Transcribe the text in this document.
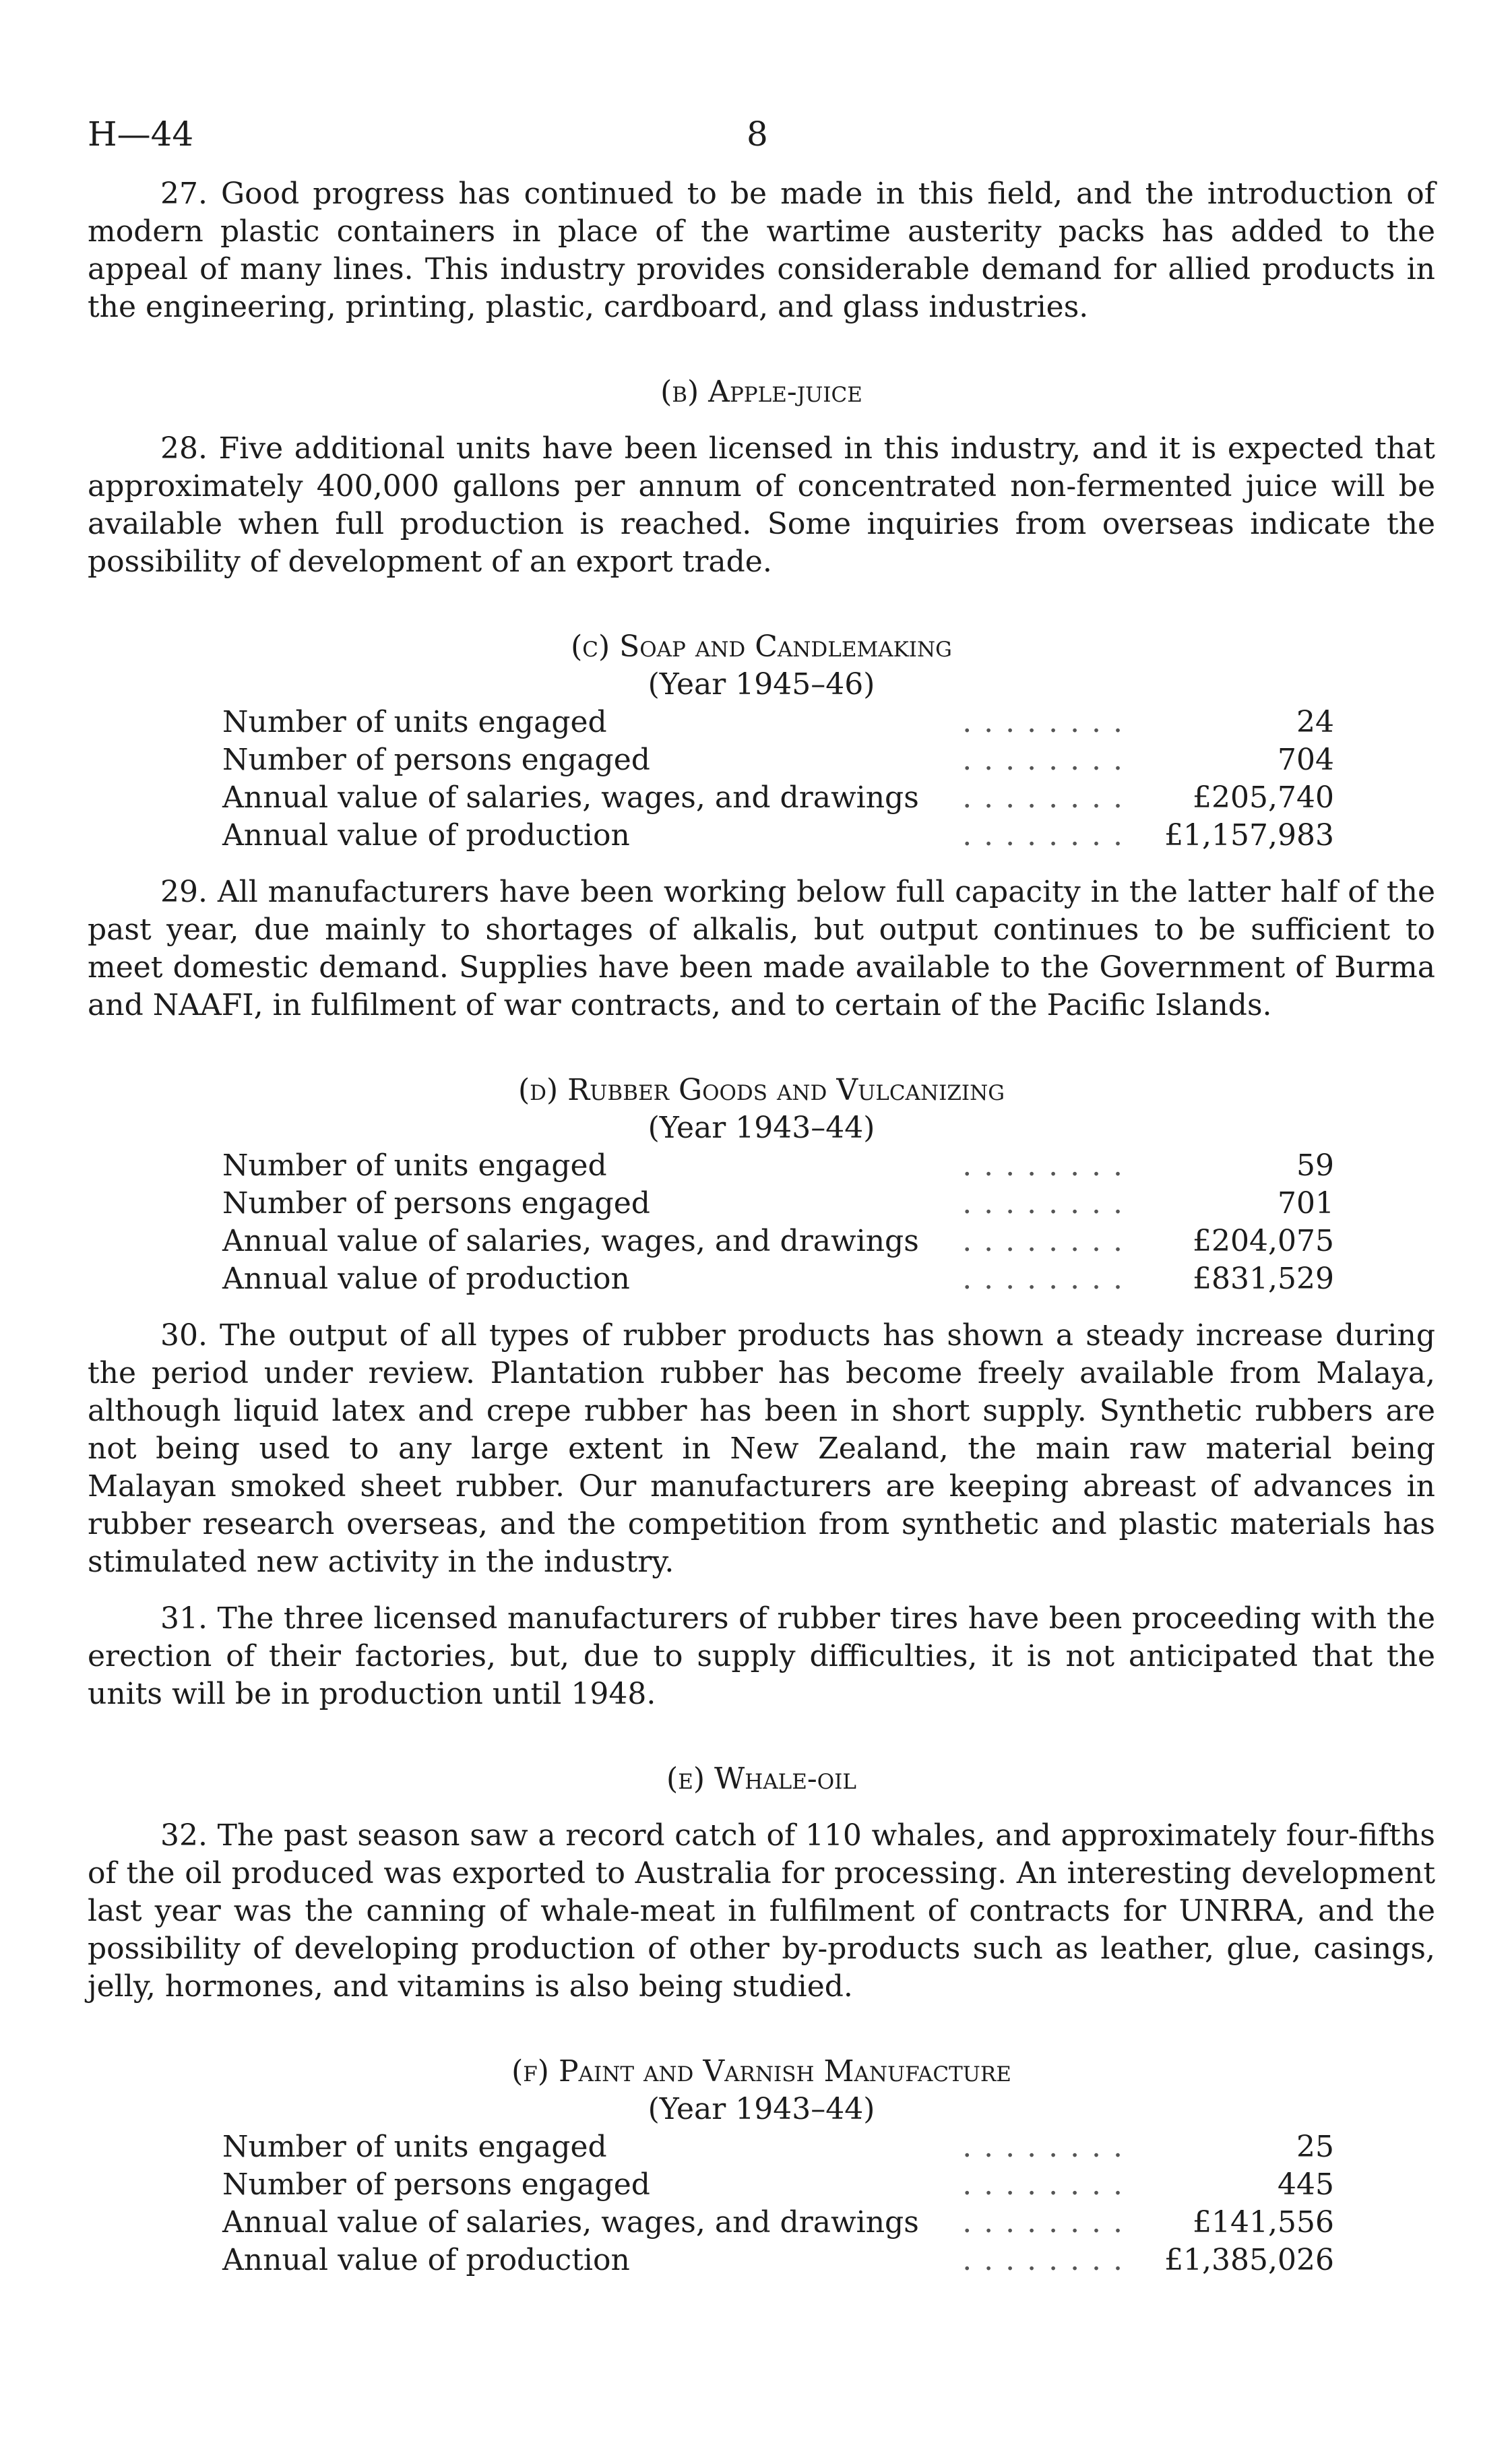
H—44	8

27. Good progress has continued to be made in this field, and the introduction of modern plastic containers in place of the wartime austerity packs has added to the appeal of many lines. This industry provides considerable demand for allied products in the engineering, printing, plastic, cardboard, and glass industries.

(b) Apple-juice

28. Five additional units have been licensed in this industry, and it is expected that approximately 400,000 gallons per annum of concentrated non-fermented juice will be available when full production is reached. Some inquiries from overseas indicate the possibility of development of an export trade.

(c) Soap and Candlemaking

(Year 1945–46)

Number of units engaged	. . . . . . . .	24
Number of persons engaged	. . . . . . . .	704
Annual value of salaries, wages, and drawings	. . . . . . . .	£205,740
Annual value of production	. . . . . . . .	£1,157,983

29. All manufacturers have been working below full capacity in the latter half of the past year, due mainly to shortages of alkalis, but output continues to be sufficient to meet domestic demand. Supplies have been made available to the Government of Burma and NAAFI, in fulfilment of war contracts, and to certain of the Pacific Islands.

(d) Rubber Goods and Vulcanizing

(Year 1943–44)

Number of units engaged	. . . . . . . .	59
Number of persons engaged	. . . . . . . .	701
Annual value of salaries, wages, and drawings	. . . . . . . .	£204,075
Annual value of production	. . . . . . . .	£831,529

30. The output of all types of rubber products has shown a steady increase during the period under review. Plantation rubber has become freely available from Malaya, although liquid latex and crepe rubber has been in short supply. Synthetic rubbers are not being used to any large extent in New Zealand, the main raw material being Malayan smoked sheet rubber. Our manufacturers are keeping abreast of advances in rubber research overseas, and the competition from synthetic and plastic materials has stimulated new activity in the industry.

31. The three licensed manufacturers of rubber tires have been proceeding with the erection of their factories, but, due to supply difficulties, it is not anticipated that the units will be in production until 1948.

(e) Whale-oil

32. The past season saw a record catch of 110 whales, and approximately four-fifths of the oil produced was exported to Australia for processing. An interesting development last year was the canning of whale-meat in fulfilment of contracts for UNRRA, and the possibility of developing production of other by-products such as leather, glue, casings, jelly, hormones, and vitamins is also being studied.

(f) Paint and Varnish Manufacture

(Year 1943–44)

Number of units engaged	. . . . . . . .	25
Number of persons engaged	. . . . . . . .	445
Annual value of salaries, wages, and drawings	. . . . . . . .	£141,556
Annual value of production	. . . . . . . .	£1,385,026
